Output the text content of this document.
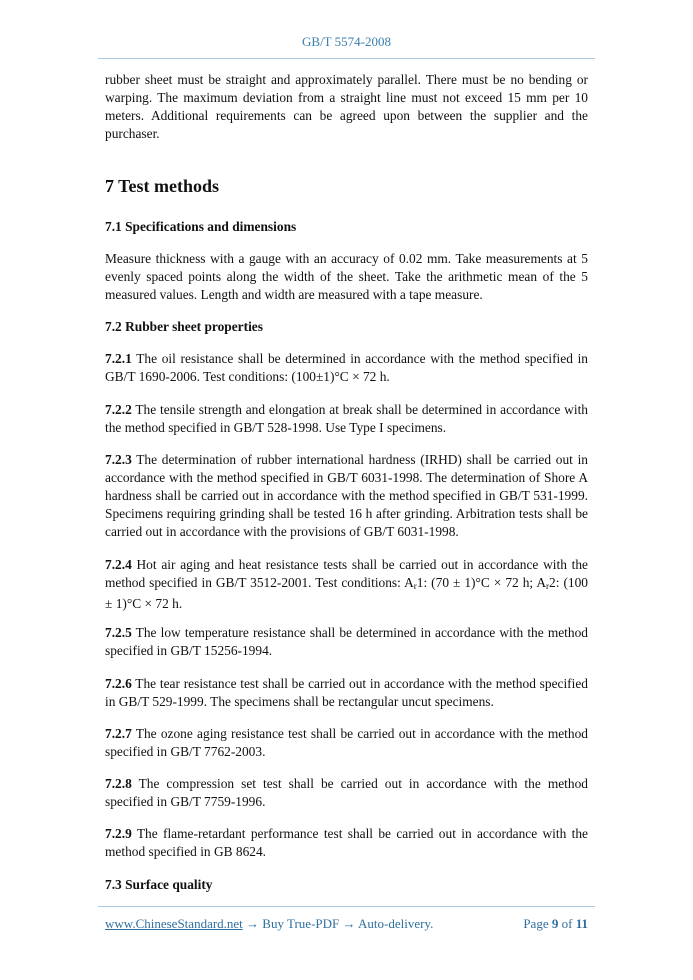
GB/T 5574-2008
rubber sheet must be straight and approximately parallel. There must be no bending or warping. The maximum deviation from a straight line must not exceed 15 mm per 10 meters. Additional requirements can be agreed upon between the supplier and the purchaser.
7 Test methods
7.1 Specifications and dimensions
Measure thickness with a gauge with an accuracy of 0.02 mm. Take measurements at 5 evenly spaced points along the width of the sheet. Take the arithmetic mean of the 5 measured values. Length and width are measured with a tape measure.
7.2 Rubber sheet properties
7.2.1 The oil resistance shall be determined in accordance with the method specified in GB/T 1690-2006. Test conditions: (100±1)°C × 72 h.
7.2.2 The tensile strength and elongation at break shall be determined in accordance with the method specified in GB/T 528-1998. Use Type I specimens.
7.2.3 The determination of rubber international hardness (IRHD) shall be carried out in accordance with the method specified in GB/T 6031-1998. The determination of Shore A hardness shall be carried out in accordance with the method specified in GB/T 531-1999. Specimens requiring grinding shall be tested 16 h after grinding. Arbitration tests shall be carried out in accordance with the provisions of GB/T 6031-1998.
7.2.4 Hot air aging and heat resistance tests shall be carried out in accordance with the method specified in GB/T 3512-2001. Test conditions: $A_r1$: (70 ± 1)°C × 72 h; $A_r2$: (100 ± 1)°C × 72 h.
7.2.5 The low temperature resistance shall be determined in accordance with the method specified in GB/T 15256-1994.
7.2.6 The tear resistance test shall be carried out in accordance with the method specified in GB/T 529-1999. The specimens shall be rectangular uncut specimens.
7.2.7 The ozone aging resistance test shall be carried out in accordance with the method specified in GB/T 7762-2003.
7.2.8 The compression set test shall be carried out in accordance with the method specified in GB/T 7759-1996.
7.2.9 The flame-retardant performance test shall be carried out in accordance with the method specified in GB 8624.
7.3 Surface quality
www.ChineseStandard.net → Buy True-PDF → Auto-delivery.	Page 9 of 11
